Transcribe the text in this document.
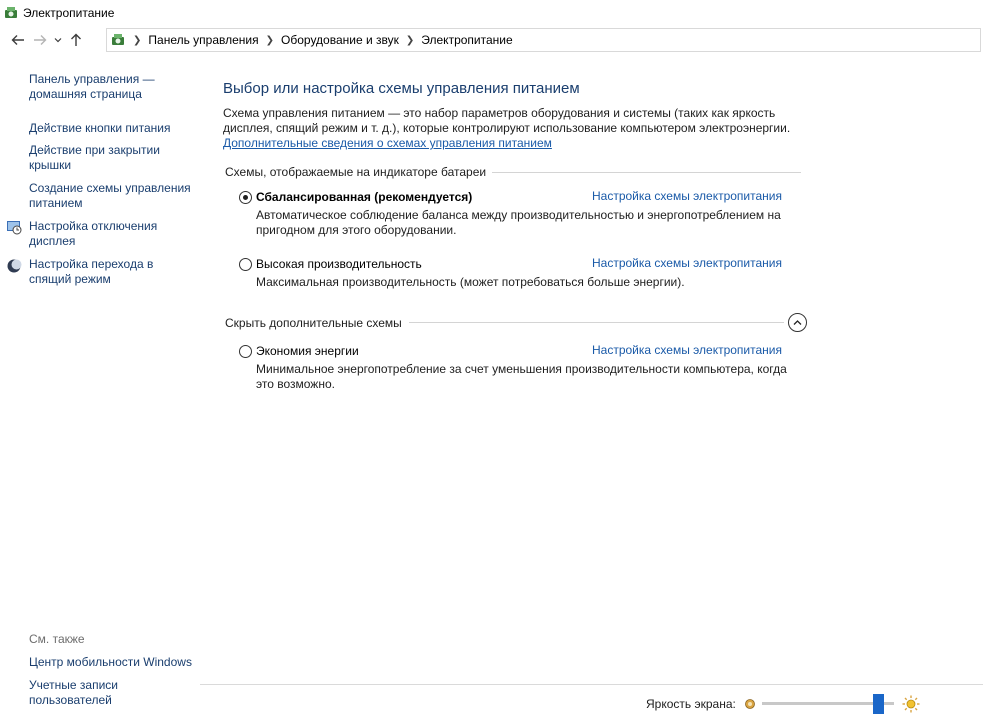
Электропитание
❯ Панель управления ❯ Оборудование и звук ❯ Электропитание
Панель управления — домашняя страница
Действие кнопки питания
Действие при закрытии крышки
Создание схемы управления питанием
Настройка отключения дисплея
Настройка перехода в спящий режим
См. также
Центр мобильности Windows
Учетные записи пользователей
Выбор или настройка схемы управления питанием
Схема управления питанием — это набор параметров оборудования и системы (таких как яркость дисплея, спящий режим и т. д.), которые контролируют использование компьютером электроэнергии.
Дополнительные сведения о схемах управления питанием
Схемы, отображаемые на индикаторе батареи
Сбалансированная (рекомендуется)	Настройка схемы электропитания
Автоматическое соблюдение баланса между производительностью и энергопотреблением на пригодном для этого оборудовании.
Высокая производительность	Настройка схемы электропитания
Максимальная производительность (может потребоваться больше энергии).
Скрыть дополнительные схемы
Экономия энергии	Настройка схемы электропитания
Минимальное энергопотребление за счет уменьшения производительности компьютера, когда это возможно.
Яркость экрана:
